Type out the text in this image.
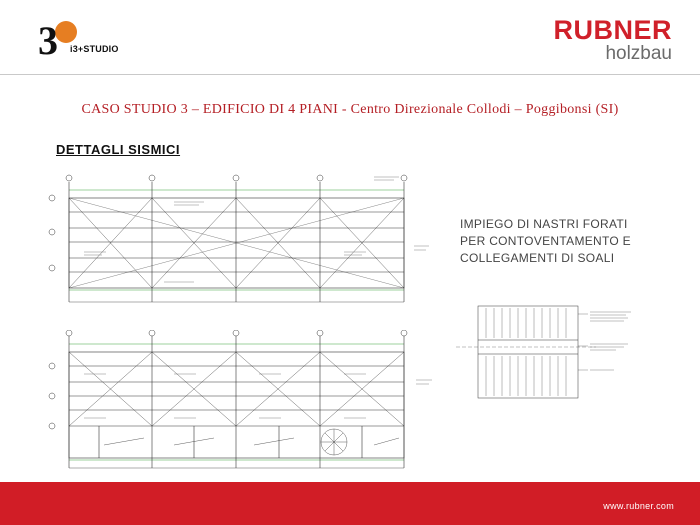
3 i3+STUDIO
RUBNER
holzbau
CASO STUDIO 3 – EDIFICIO DI 4 PIANI - Centro Direzionale Collodi – Poggibonsi (SI)
DETTAGLI SISMICI
IMPIEGO DI NASTRI FORATI PER CONTOVENTAMENTO E COLLEGAMENTI DI SOALI
www.rubner.com
